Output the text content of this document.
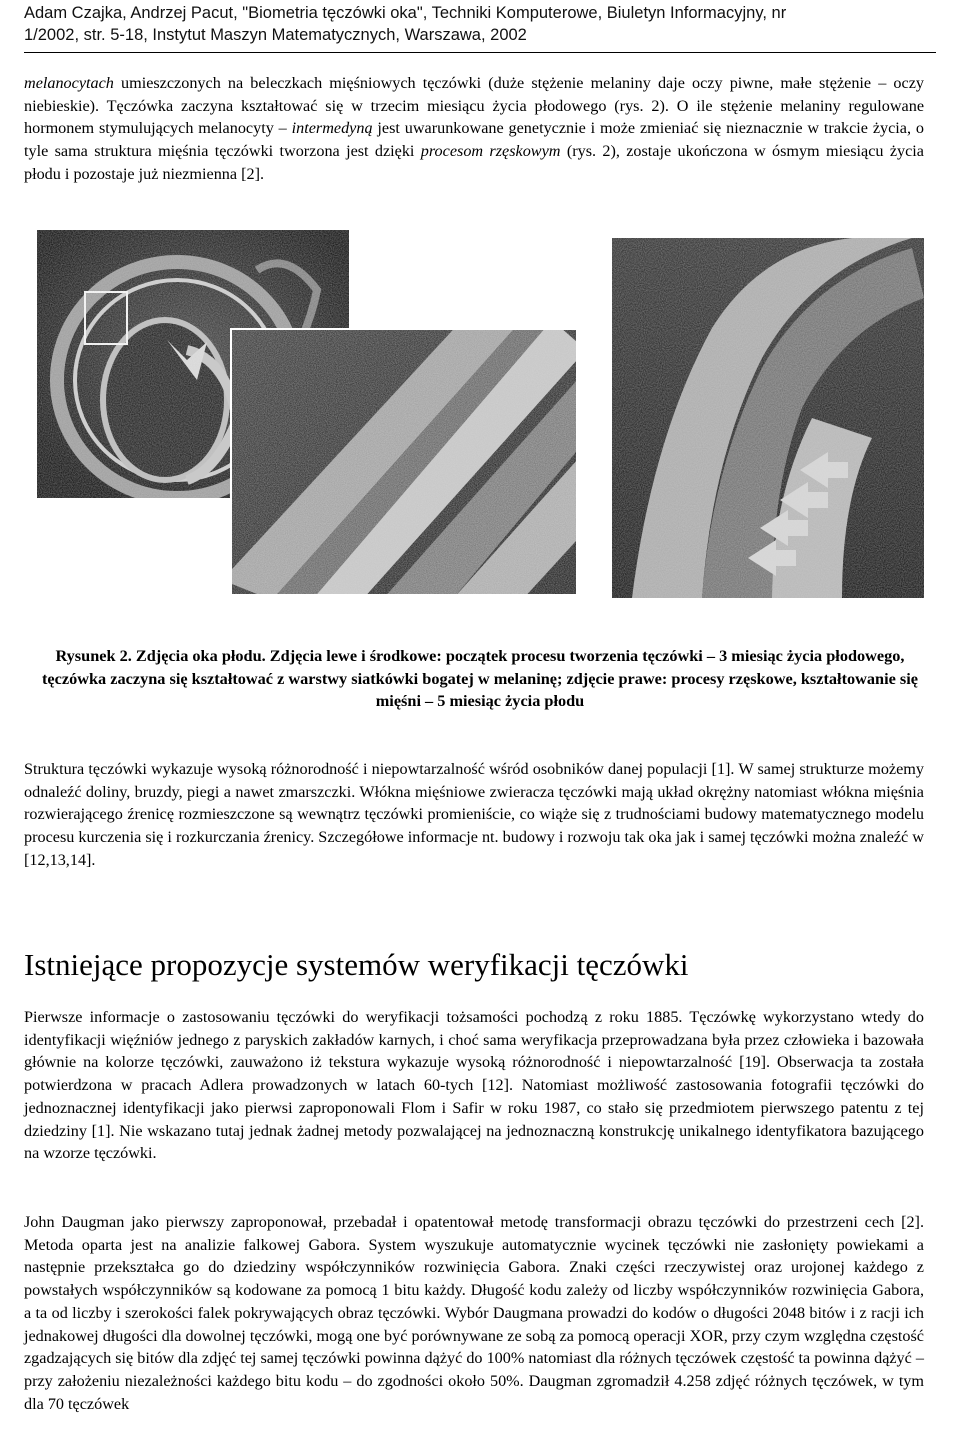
Adam Czajka, Andrzej Pacut, "Biometria tęczówki oka", Techniki Komputerowe, Biuletyn Informacyjny, nr
1/2002, str. 5-18, Instytut Maszyn Matematycznych, Warszawa, 2002

melanocytach umieszczonych na beleczkach mięśniowych tęczówki (duże stężenie melaniny daje oczy piwne, małe stężenie – oczy niebieskie). Tęczówka zaczyna kształtować się w trzecim miesiącu życia płodowego (rys. 2). O ile stężenie melaniny regulowane hormonem stymulujących melanocyty – intermedyną jest uwarunkowane genetycznie i może zmieniać się nieznacznie w trakcie życia, o tyle sama struktura mięśnia tęczówki tworzona jest dzięki procesom rzęskowym (rys. 2), zostaje ukończona w ósmym miesiącu życia płodu i pozostaje już niezmienna [2].

Rysunek 2. Zdjęcia oka płodu. Zdjęcia lewe i środkowe: początek procesu tworzenia tęczówki – 3 miesiąc życia płodowego, tęczówka zaczyna się kształtować z warstwy siatkówki bogatej w melaninę; zdjęcie prawe: procesy rzęskowe, kształtowanie się mięśni – 5 miesiąc życia płodu

Struktura tęczówki wykazuje wysoką różnorodność i niepowtarzalność wśród osobników danej populacji [1]. W samej strukturze możemy odnaleźć doliny, bruzdy, piegi a nawet zmarszczki. Włókna mięśniowe zwieracza tęczówki mają układ okrężny natomiast włókna mięśnia rozwierającego źrenicę rozmieszczone są wewnątrz tęczówki promieniście, co wiąże się z trudnościami budowy matematycznego modelu procesu kurczenia się i rozkurczania źrenicy. Szczegółowe informacje nt. budowy i rozwoju tak oka jak i samej tęczówki można znaleźć w [12,13,14].

Istniejące propozycje systemów weryfikacji tęczówki

Pierwsze informacje o zastosowaniu tęczówki do weryfikacji tożsamości pochodzą z roku 1885. Tęczówkę wykorzystano wtedy do identyfikacji więźniów jednego z paryskich zakładów karnych, i choć sama weryfikacja przeprowadzana była przez człowieka i bazowała głównie na kolorze tęczówki, zauważono iż tekstura wykazuje wysoką różnorodność i niepowtarzalność [19]. Obserwacja ta została potwierdzona w pracach Adlera prowadzonych w latach 60-tych [12]. Natomiast możliwość zastosowania fotografii tęczówki do jednoznacznej identyfikacji jako pierwsi zaproponowali Flom i Safir w roku 1987, co stało się przedmiotem pierwszego patentu z tej dziedziny [1]. Nie wskazano tutaj jednak żadnej metody pozwalającej na jednoznaczną konstrukcję unikalnego identyfikatora bazującego na wzorze tęczówki.

John Daugman jako pierwszy zaproponował, przebadał i opatentował metodę transformacji obrazu tęczówki do przestrzeni cech [2]. Metoda oparta jest na analizie falkowej Gabora. System wyszukuje automatycznie wycinek tęczówki nie zasłonięty powiekami a następnie przekształca go do dziedziny współczynników rozwinięcia Gabora. Znaki części rzeczywistej oraz urojonej każdego z powstałych współczynników są kodowane za pomocą 1 bitu każdy. Długość kodu zależy od liczby współczynników rozwinięcia Gabora, a ta od liczby i szerokości falek pokrywających obraz tęczówki. Wybór Daugmana prowadzi do kodów o długości 2048 bitów i z racji ich jednakowej długości dla dowolnej tęczówki, mogą one być porównywane ze sobą za pomocą operacji XOR, przy czym względna częstość zgadzających się bitów dla zdjęć tej samej tęczówki powinna dążyć do 100% natomiast dla różnych tęczówek częstość ta powinna dążyć – przy założeniu niezależności każdego bitu kodu – do zgodności około 50%. Daugman zgromadził 4.258 zdjęć różnych tęczówek, w tym dla 70 tęczówek
